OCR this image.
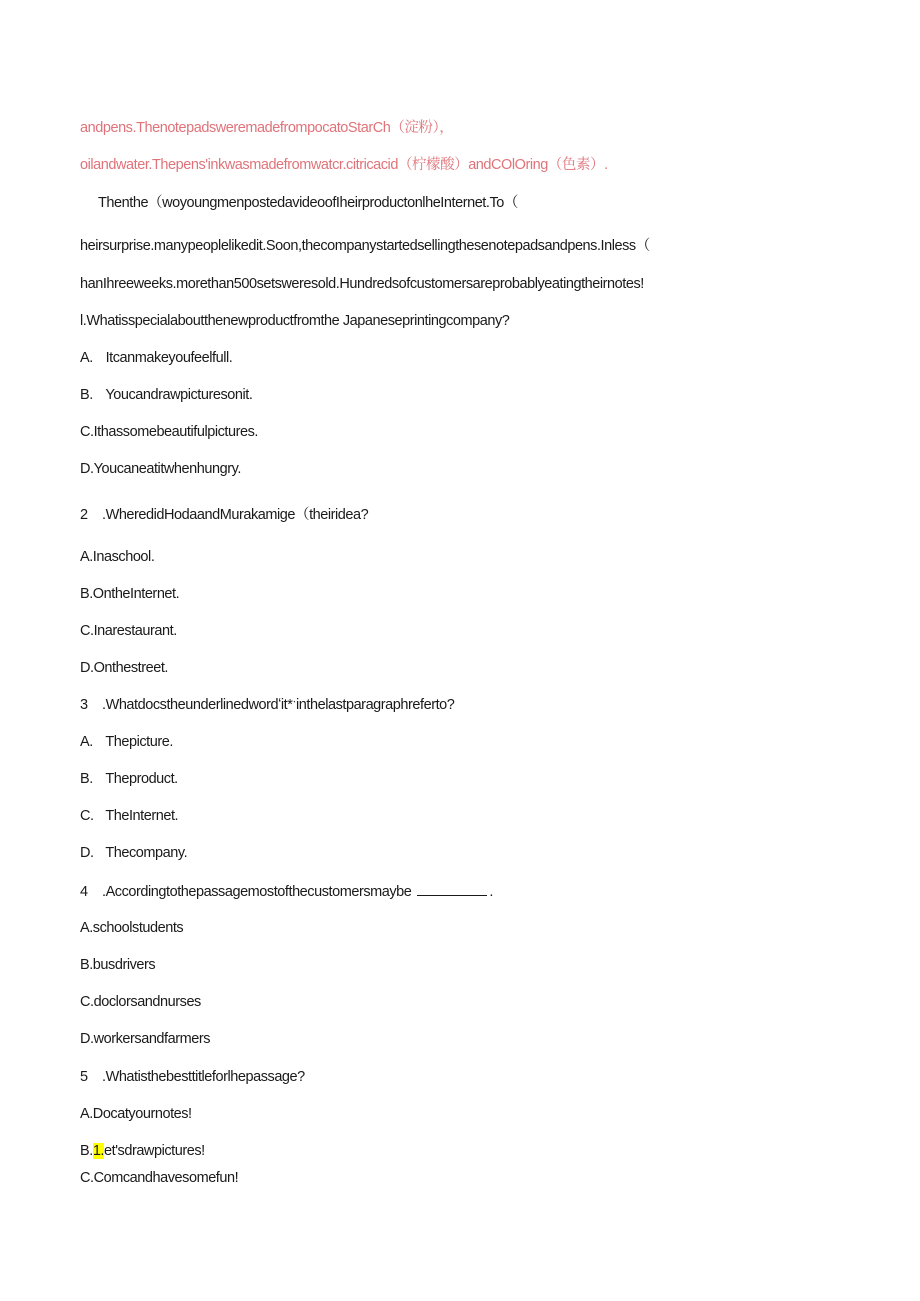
andpens.ThenotepadsweremadefrompocatoStarCh（淀粉），
oilandwater.Thepens'inkwasmadefromwatcr.citricacid（柠檬酸）andCOlOring（色素）.
Thenthe（woyoungmenpostedavideoofIheirproductonlheInternet.To（
heirsurprise.manypeoplelikedit.Soon,thecompanystartedsellingthesenotepadsandpens.Inless（
hanIhreeweeks.morethan500setsweresold.Hundredsofcustomersareprobablyeatingtheirnotes!
l.Whatisspecialaboutthenewproductfromthe Japaneseprintingcompany?
A. Itcanmakeyoufeelfull.
B. Youcandrawpicturesonit.
C.Ithassomebeautifulpictures.
D.Youcaneatitwhenhungry.
2 .WheredidHodaandMurakamige（theiridea?
A.Inaschool.
B.OntheInternet.
C.Inarestaurant.
D.Onthestreet.
3 .Whatdocstheunderlinedwordʻit*ˑinthelastparagraphreferto?
A. Thepicture.
B. Theproduct.
C. TheInternet.
D. Thecompany.
4 .Accordingtothepassagemostofthecustomersmaybe	.
A.schoolstudents
B.busdrivers
C.doclorsandnurses
D.workersandfarmers
5 .Whatisthebesttitleforlhepassage?
A.Docatyournotes!
B.1.et'sdrawpictures!
C.Comcandhavesomefun!
